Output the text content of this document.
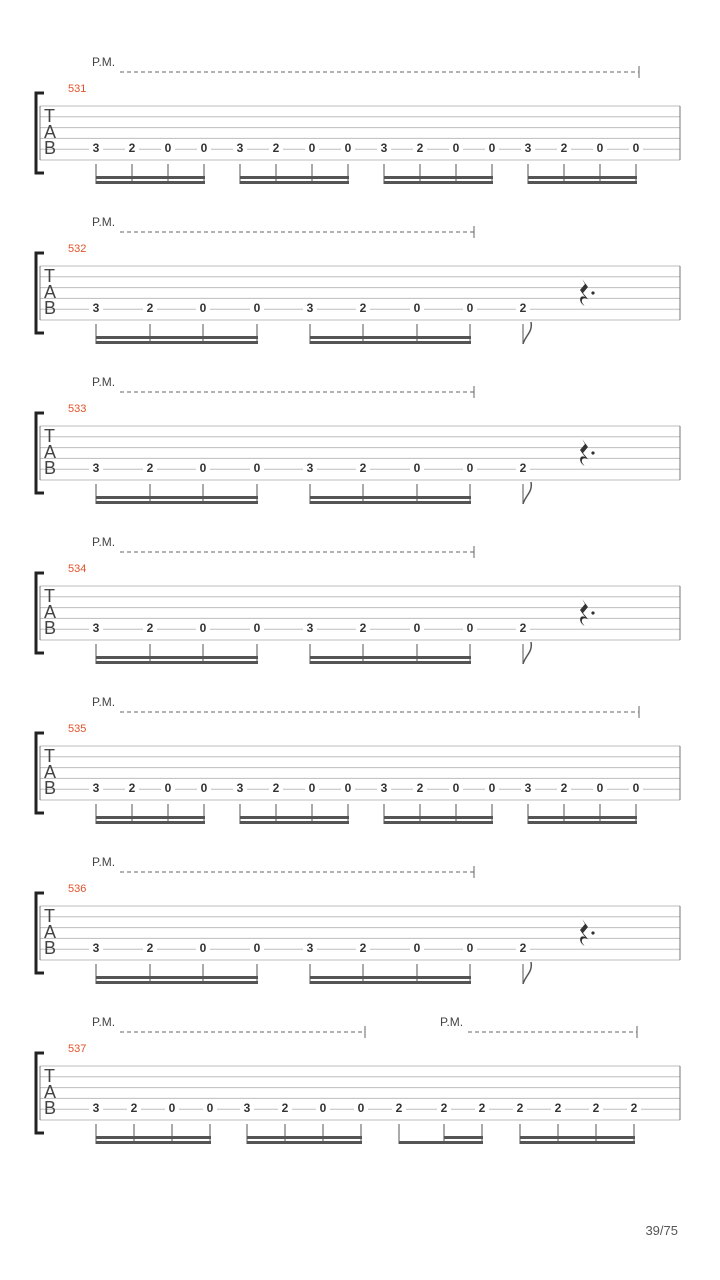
T
A
B
531
P.M.
3	2	0	0	3	2	0	0	3	2	0	0	3	2	0	0
T
A
B
532
P.M.
3	2	0	0	3	2	0	0	2
T
A
B
533
P.M.
3	2	0	0	3	2	0	0	2
T
A
B
534
P.M.
3	2	0	0	3	2	0	0	2
T
A
B
535
P.M.
3	2	0	0	3	2	0	0	3	2	0	0	3	2	0	0
T
A
B
536
P.M.
3	2	0	0	3	2	0	0	2
T
A
B
537
P.M.	P.M.
3	2	0	0	3	2	0	0	2	2	2	2	2	2	2
39/75
